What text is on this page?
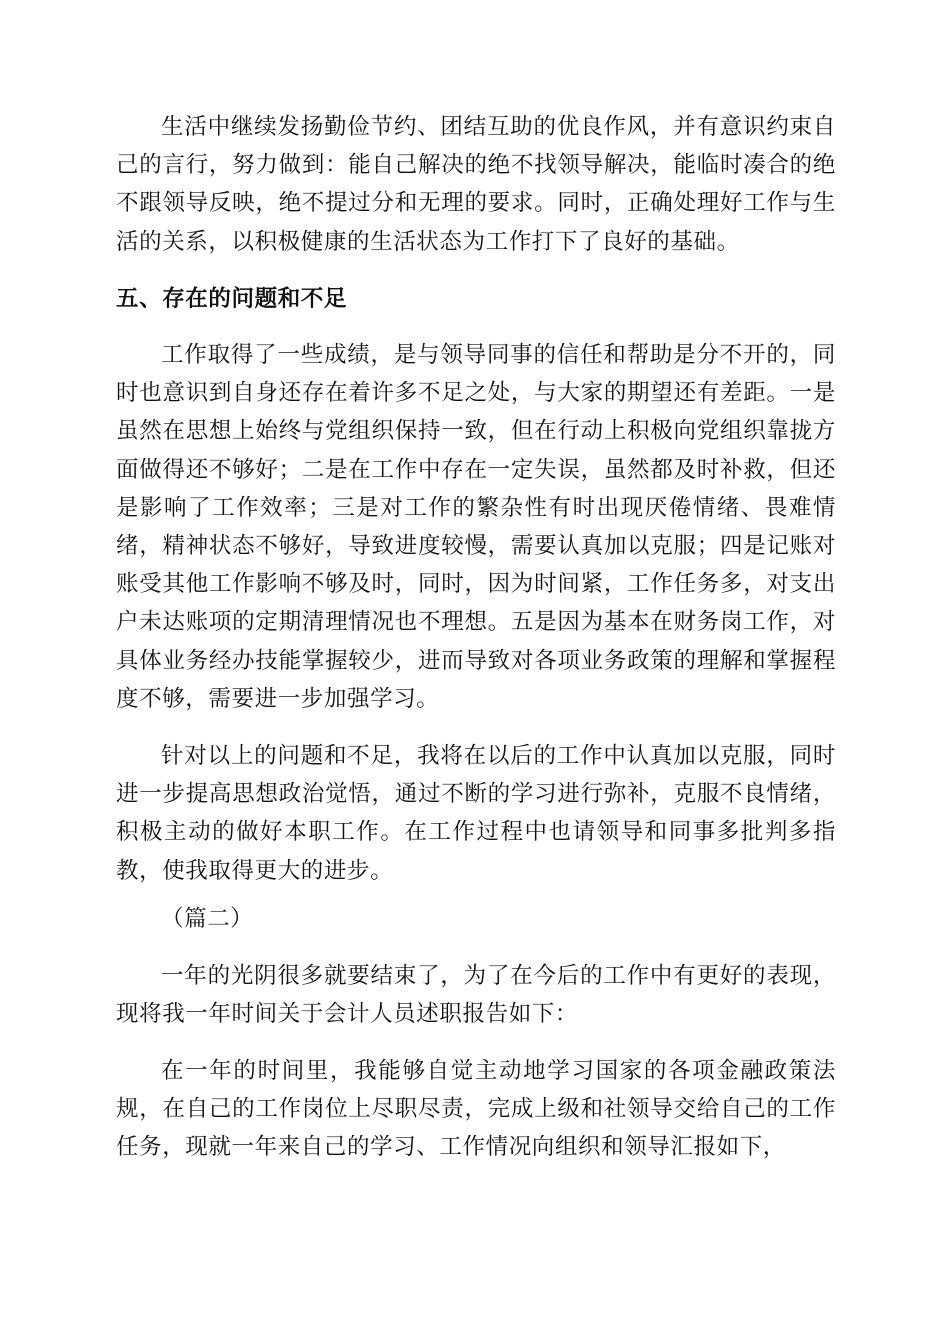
生活中继续发扬勤俭节约、团结互助的优良作风，并有意识约束自己的言行，努力做到：能自己解决的绝不找领导解决，能临时凑合的绝不跟领导反映，绝不提过分和无理的要求。同时，正确处理好工作与生活的关系，以积极健康的生活状态为工作打下了良好的基础。

五、存在的问题和不足

工作取得了一些成绩，是与领导同事的信任和帮助是分不开的，同时也意识到自身还存在着许多不足之处，与大家的期望还有差距。一是虽然在思想上始终与党组织保持一致，但在行动上积极向党组织靠拢方面做得还不够好；二是在工作中存在一定失误，虽然都及时补救，但还是影响了工作效率；三是对工作的繁杂性有时出现厌倦情绪、畏难情绪，精神状态不够好，导致进度较慢，需要认真加以克服；四是记账对账受其他工作影响不够及时，同时，因为时间紧，工作任务多，对支出户未达账项的定期清理情况也不理想。五是因为基本在财务岗工作，对具体业务经办技能掌握较少，进而导致对各项业务政策的理解和掌握程度不够，需要进一步加强学习。

针对以上的问题和不足，我将在以后的工作中认真加以克服，同时进一步提高思想政治觉悟，通过不断的学习进行弥补，克服不良情绪，积极主动的做好本职工作。在工作过程中也请领导和同事多批判多指教，使我取得更大的进步。

（篇二）

一年的光阴很多就要结束了，为了在今后的工作中有更好的表现，现将我一年时间关于会计人员述职报告如下：

在一年的时间里，我能够自觉主动地学习国家的各项金融政策法规，在自己的工作岗位上尽职尽责，完成上级和社领导交给自己的工作任务，现就一年来自己的学习、工作情况向组织和领导汇报如下，
